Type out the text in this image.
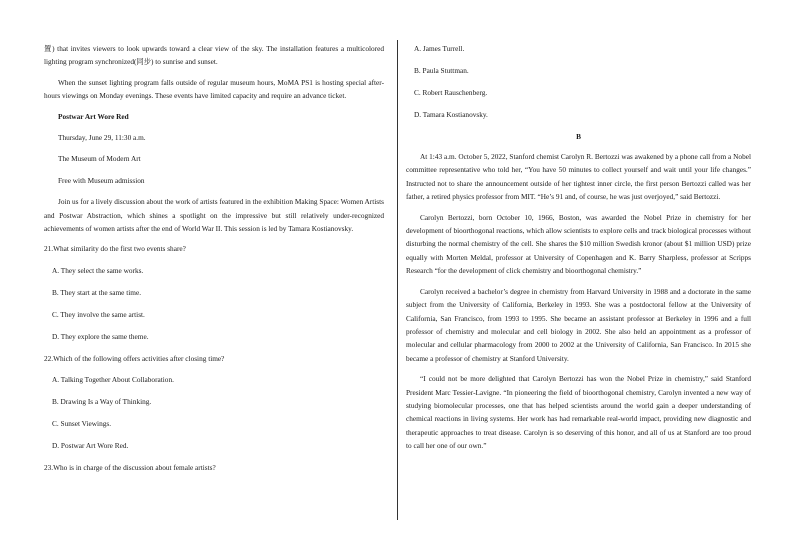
置) that invites viewers to look upwards toward a clear view of the sky. The installation features a multicolored lighting program synchronized(同步) to sunrise and sunset.

When the sunset lighting program falls outside of regular museum hours, MoMA PS1 is hosting special after-hours viewings on Monday evenings. These events have limited capacity and require an advance ticket.

Postwar Art Wore Red
Thursday, June 29, 11:30 a.m.
The Museum of Modern Art
Free with Museum admission

Join us for a lively discussion about the work of artists featured in the exhibition Making Space: Women Artists and Postwar Abstraction, which shines a spotlight on the impressive but still relatively under-recognized achievements of women artists after the end of World War II. This session is led by Tamara Kostianovsky.

21.What similarity do the first two events share?
A. They select the same works.
B. They start at the same time.
C. They involve the same artist.
D. They explore the same theme.
22.Which of the following offers activities after closing time?
A. Talking Together About Collaboration.
B. Drawing Is a Way of Thinking.
C. Sunset Viewings.
D. Postwar Art Wore Red.
23.Who is in charge of the discussion about female artists?
A. James Turrell.
B. Paula Stuttman.
C. Robert Rauschenberg.
D. Tamara Kostianovsky.
B

At 1:43 a.m. October 5, 2022, Stanford chemist Carolyn R. Bertozzi was awakened by a phone call from a Nobel committee representative who told her, “You have 50 minutes to collect yourself and wait until your life changes.” Instructed not to share the announcement outside of her tightest inner circle, the first person Bertozzi called was her father, a retired physics professor from MIT. “He’s 91 and, of course, he was just overjoyed,” said Bertozzi.

Carolyn Bertozzi, born October 10, 1966, Boston, was awarded the Nobel Prize in chemistry for her development of bioorthogonal reactions, which allow scientists to explore cells and track biological processes without disturbing the normal chemistry of the cell. She shares the $10 million Swedish kronor (about $1 million USD) prize equally with Morten Meldal, professor at University of Copenhagen and K. Barry Sharpless, professor at Scripps Research “for the development of click chemistry and bioorthogonal chemistry.”

Carolyn received a bachelor’s degree in chemistry from Harvard University in 1988 and a doctorate in the same subject from the University of California, Berkeley in 1993. She was a postdoctoral fellow at the University of California, San Francisco, from 1993 to 1995. She became an assistant professor at Berkeley in 1996 and a full professor of chemistry and molecular and cell biology in 2002. She also held an appointment as a professor of molecular and cellular pharmacology from 2000 to 2002 at the University of California, San Francisco. In 2015 she became a professor of chemistry at Stanford University.

“I could not be more delighted that Carolyn Bertozzi has won the Nobel Prize in chemistry,” said Stanford President Marc Tessier-Lavigne. “In pioneering the field of bioorthogonal chemistry, Carolyn invented a new way of studying biomolecular processes, one that has helped scientists around the world gain a deeper understanding of chemical reactions in living systems. Her work has had remarkable real-world impact, providing new diagnostic and therapeutic approaches to treat disease. Carolyn is so deserving of this honor, and all of us at Stanford are too proud to call her one of our own.”
